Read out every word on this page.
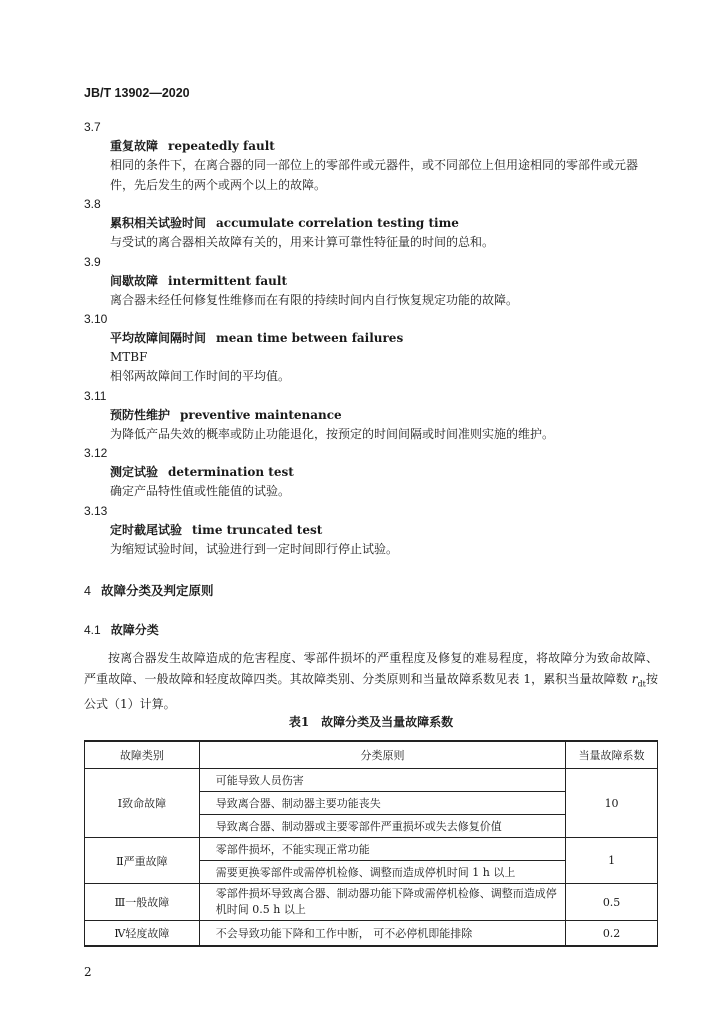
JB/T 13902—2020
3.7
重复故障 repeatedly fault
相同的条件下，在离合器的同一部位上的零部件或元器件，或不同部位上但用途相同的零部件或元器件，先后发生的两个或两个以上的故障。
3.8
累积相关试验时间 accumulate correlation testing time
与受试的离合器相关故障有关的，用来计算可靠性特征量的时间的总和。
3.9
间歇故障 intermittent fault
离合器未经任何修复性维修而在有限的持续时间内自行恢复规定功能的故障。
3.10
平均故障间隔时间 mean time between failures
MTBF
相邻两故障间工作时间的平均值。
3.11
预防性维护 preventive maintenance
为降低产品失效的概率或防止功能退化，按预定的时间间隔或时间准则实施的维护。
3.12
测定试验 determination test
确定产品特性值或性能值的试验。
3.13
定时截尾试验 time truncated test
为缩短试验时间，试验进行到一定时间即行停止试验。
4 故障分类及判定原则
4.1 故障分类
按离合器发生故障造成的危害程度、零部件损坏的严重程度及修复的难易程度，将故障分为致命故障、严重故障、一般故障和轻度故障四类。其故障类别、分类原则和当量故障系数见表 1，累积当量故障数 $r_{dt}$按公式（1）计算。
表1　故障分类及当量故障系数
故障类别	分类原则	当量故障系数
Ⅰ致命故障	可能导致人员伤害	10
	导致离合器、制动器主要功能丧失	
	导致离合器、制动器或主要零部件严重损坏或失去修复价值	
Ⅱ严重故障	零部件损坏，不能实现正常功能	1
	需要更换零部件或需停机检修、调整而造成停机时间 1 h 以上	
Ⅲ一般故障	零部件损坏导致离合器、制动器功能下降或需停机检修、调整而造成停机时间 0.5 h 以上	0.5
Ⅳ轻度故障	不会导致功能下降和工作中断， 可不必停机即能排除	0.2
2
